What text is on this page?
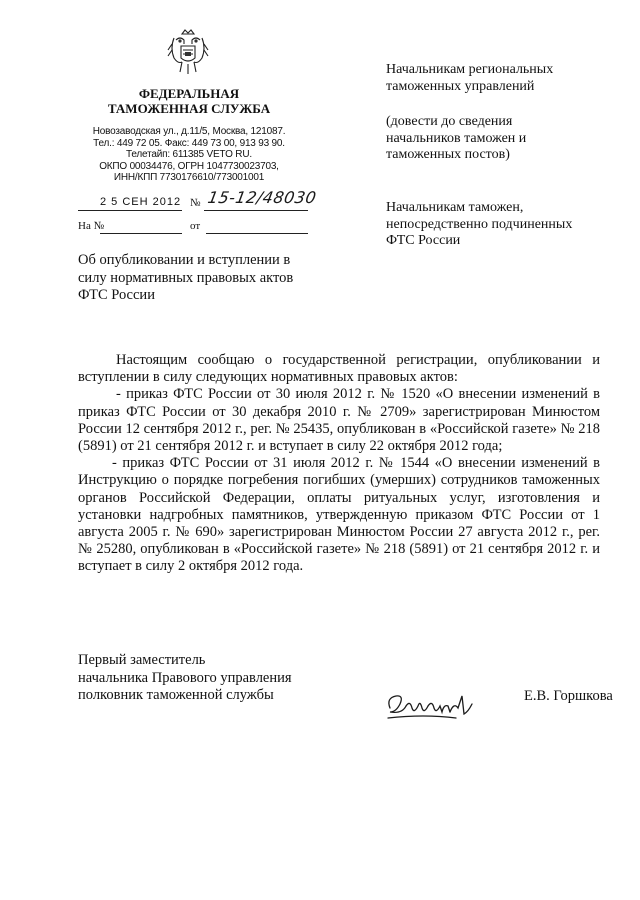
ФЕДЕРАЛЬНАЯ
ТАМОЖЕННАЯ СЛУЖБА
Новозаводская ул., д.11/5, Москва, 121087.
Тел.: 449 72 05. Факс: 449 73 00, 913 93 90.
Телетайп: 611385 VETO RU.
ОКПО 00034476, ОГРН 1047730023703,
ИНН/КПП 7730176610/773001001
2 5 СЕН 2012 № 15-12/48030
На №	от
Об опубликовании и вступлении в
силу нормативных правовых актов
ФТС России
Начальникам региональных
таможенных управлений
(довести до сведения
начальников таможен и
таможенных постов)
Начальникам таможен,
непосредственно подчиненных
ФТС России

Настоящим сообщаю о государственной регистрации, опубликовании и вступлении в силу следующих нормативных правовых актов:

- приказ ФТС России от 30 июля 2012 г. № 1520 «О внесении изменений в приказ ФТС России от 30 декабря 2010 г. № 2709» зарегистрирован Минюстом России 12 сентября 2012 г., рег. № 25435, опубликован в «Российской газете» № 218 (5891) от 21 сентября 2012 г. и вступает в силу 22 октября 2012 года;

- приказ ФТС России от 31 июля 2012 г. № 1544 «О внесении изменений в Инструкцию о порядке погребения погибших (умерших) сотрудников таможенных органов Российской Федерации, оплаты ритуальных услуг, изготовления и установки надгробных памятников, утвержденную приказом ФТС России от 1 августа 2005 г. № 690» зарегистрирован Минюстом России 27 августа 2012 г., рег. № 25280, опубликован в «Российской газете» № 218 (5891) от 21 сентября 2012 г. и вступает в силу 2 октября 2012 года.

Первый заместитель
начальника Правового управления
полковник таможенной службы	Е.В. Горшкова
